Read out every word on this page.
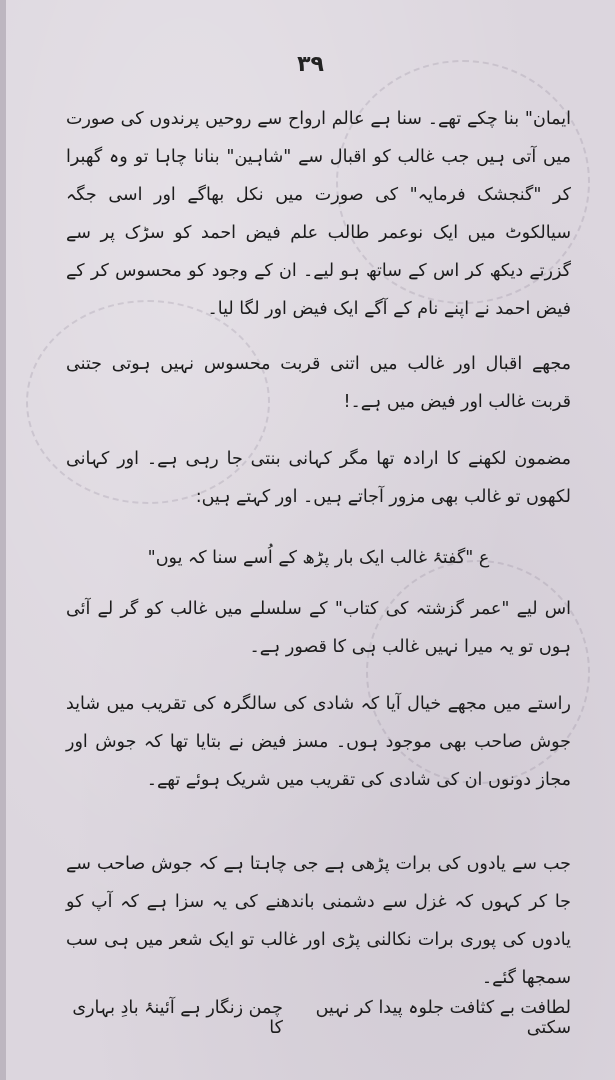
۳۹

ایمان" بنا چکے تھے۔ سنا ہے عالم ارواح سے روحیں پرندوں کی صورت میں آتی ہیں جب غالب کو اقبال سے "شاہین" بنانا چاہا تو وہ گھبرا کر "گنجشک فرمایہ" کی صورت میں نکل بھاگے اور اسی جگہ سیالکوٹ میں ایک نوعمر طالب علم فیض احمد کو سڑک پر سے گزرتے دیکھ کر اس کے ساتھ ہو لیے۔ ان کے وجود کو محسوس کر کے فیض احمد نے اپنے نام کے آگے ایک فیض اور لگا لیا۔

مجھے اقبال اور غالب میں اتنی قربت محسوس نہیں ہوتی جتنی قربت غالب اور فیض میں ہے۔!

مضمون لکھنے کا ارادہ تھا مگر کہانی بنتی جا رہی ہے۔ اور کہانی لکھوں تو غالب بھی مزور آجاتے ہیں۔ اور کہتے ہیں:

ع "گفتۂ غالب ایک بار پڑھ کے اُسے سنا کہ یوں"

اس لیے "عمر گزشتہ کی کتاب" کے سلسلے میں غالب کو گر لے آئی ہوں تو یہ میرا نہیں غالب ہی کا قصور ہے۔

راستے میں مجھے خیال آیا کہ شادی کی سالگرہ کی تقریب میں شاید جوش صاحب بھی موجود ہوں۔ مسز فیض نے بتایا تھا کہ جوش اور مجاز دونوں ان کی شادی کی تقریب میں شریک ہوئے تھے۔

جب سے یادوں کی برات پڑھی ہے جی چاہتا ہے کہ جوش صاحب سے جا کر کہوں کہ غزل سے دشمنی باندھنے کی یہ سزا ہے کہ آپ کو یادوں کی پوری برات نکالنی پڑی اور غالب تو ایک شعر میں ہی سب سمجھا گئے۔

لطافت بے کثافت جلوہ پیدا کر نہیں سکتی
چمن زنگار ہے آئینۂ بادِ بہاری کا
